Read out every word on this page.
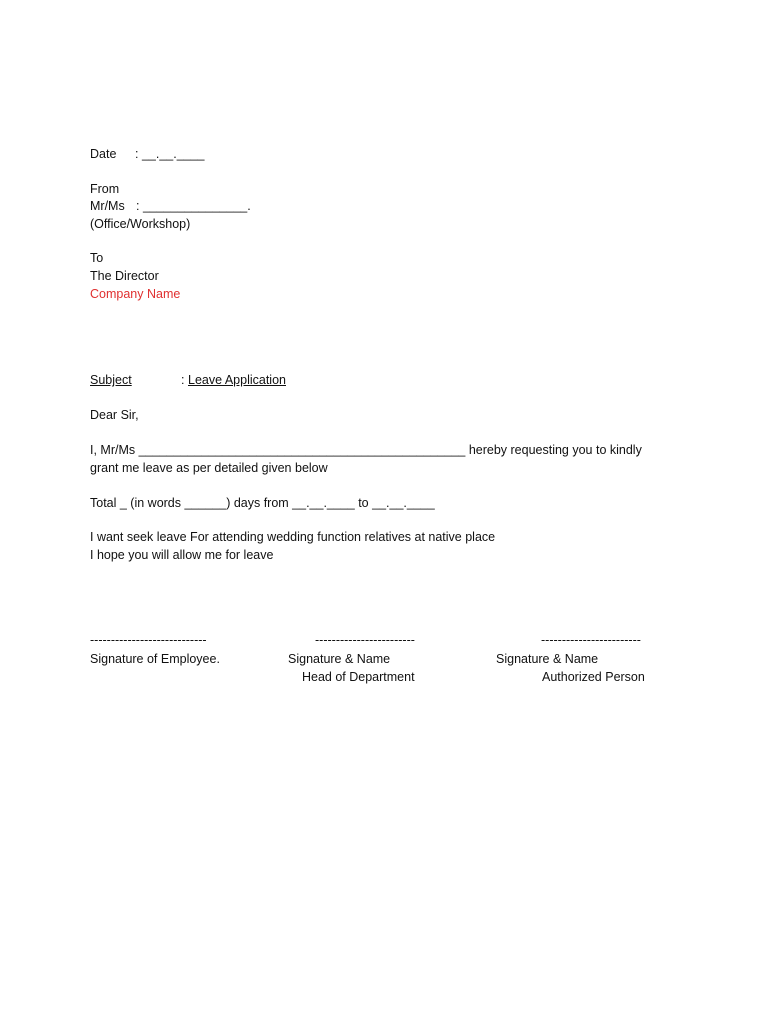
Date : __.__.____
From
Mr/Ms : _______________.
(Office/Workshop)
To
The Director
Company Name
Subject	: Leave Application
Dear Sir,
I, Mr/Ms _______________________________________________ hereby requesting you to kindly
grant me leave as per detailed given below
Total _ (in words ______) days from __.__.____ to __.__.____
I want seek leave For attending wedding function relatives at native place
I hope you will allow me for leave
----------------------------
Signature of Employee.
------------------------
Signature & Name
Head of Department
------------------------
Signature & Name
Authorized Person
